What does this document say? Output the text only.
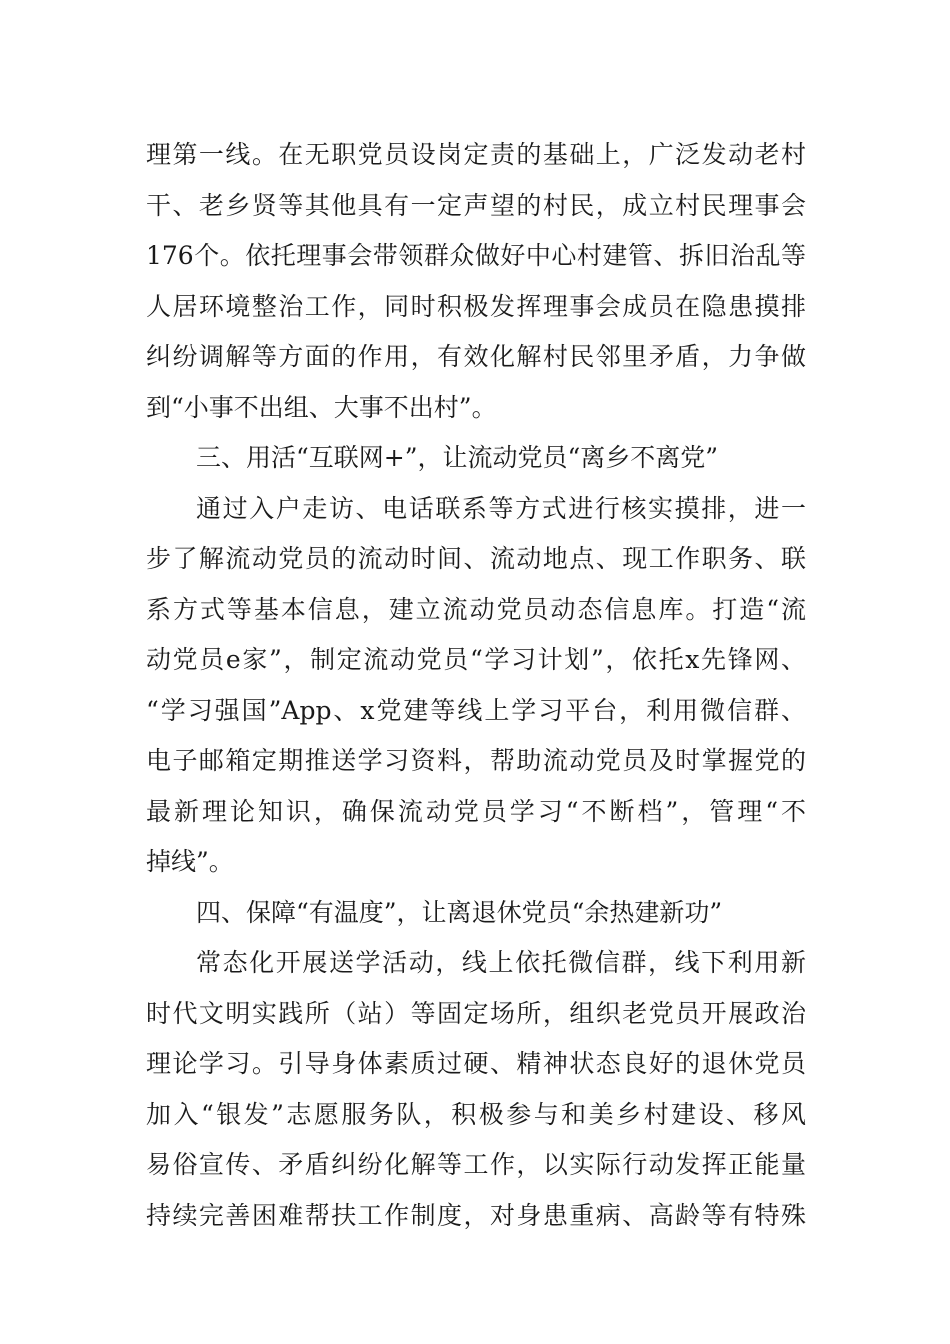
理第一线。在无职党员设岗定责的基础上，广泛发动老村
干、老乡贤等其他具有一定声望的村民，成立村民理事会
176个。依托理事会带领群众做好中心村建管、拆旧治乱等
人居环境整治工作，同时积极发挥理事会成员在隐患摸排
纠纷调解等方面的作用，有效化解村民邻里矛盾，力争做
到“小事不出组、大事不出村”。
三、用活“互联网+”，让流动党员“离乡不离党”
通过入户走访、电话联系等方式进行核实摸排，进一
步了解流动党员的流动时间、流动地点、现工作职务、联
系方式等基本信息，建立流动党员动态信息库。打造“流
动党员e家”，制定流动党员“学习计划”，依托x先锋网、
“学习强国”App、x党建等线上学习平台，利用微信群、
电子邮箱定期推送学习资料，帮助流动党员及时掌握党的
最新理论知识，确保流动党员学习“不断档”，管理“不
掉线”。
四、保障“有温度”，让离退休党员“余热建新功”
常态化开展送学活动，线上依托微信群，线下利用新
时代文明实践所（站）等固定场所，组织老党员开展政治
理论学习。引导身体素质过硬、精神状态良好的退休党员
加入“银发”志愿服务队，积极参与和美乡村建设、移风
易俗宣传、矛盾纠纷化解等工作，以实际行动发挥正能量
持续完善困难帮扶工作制度，对身患重病、高龄等有特殊
